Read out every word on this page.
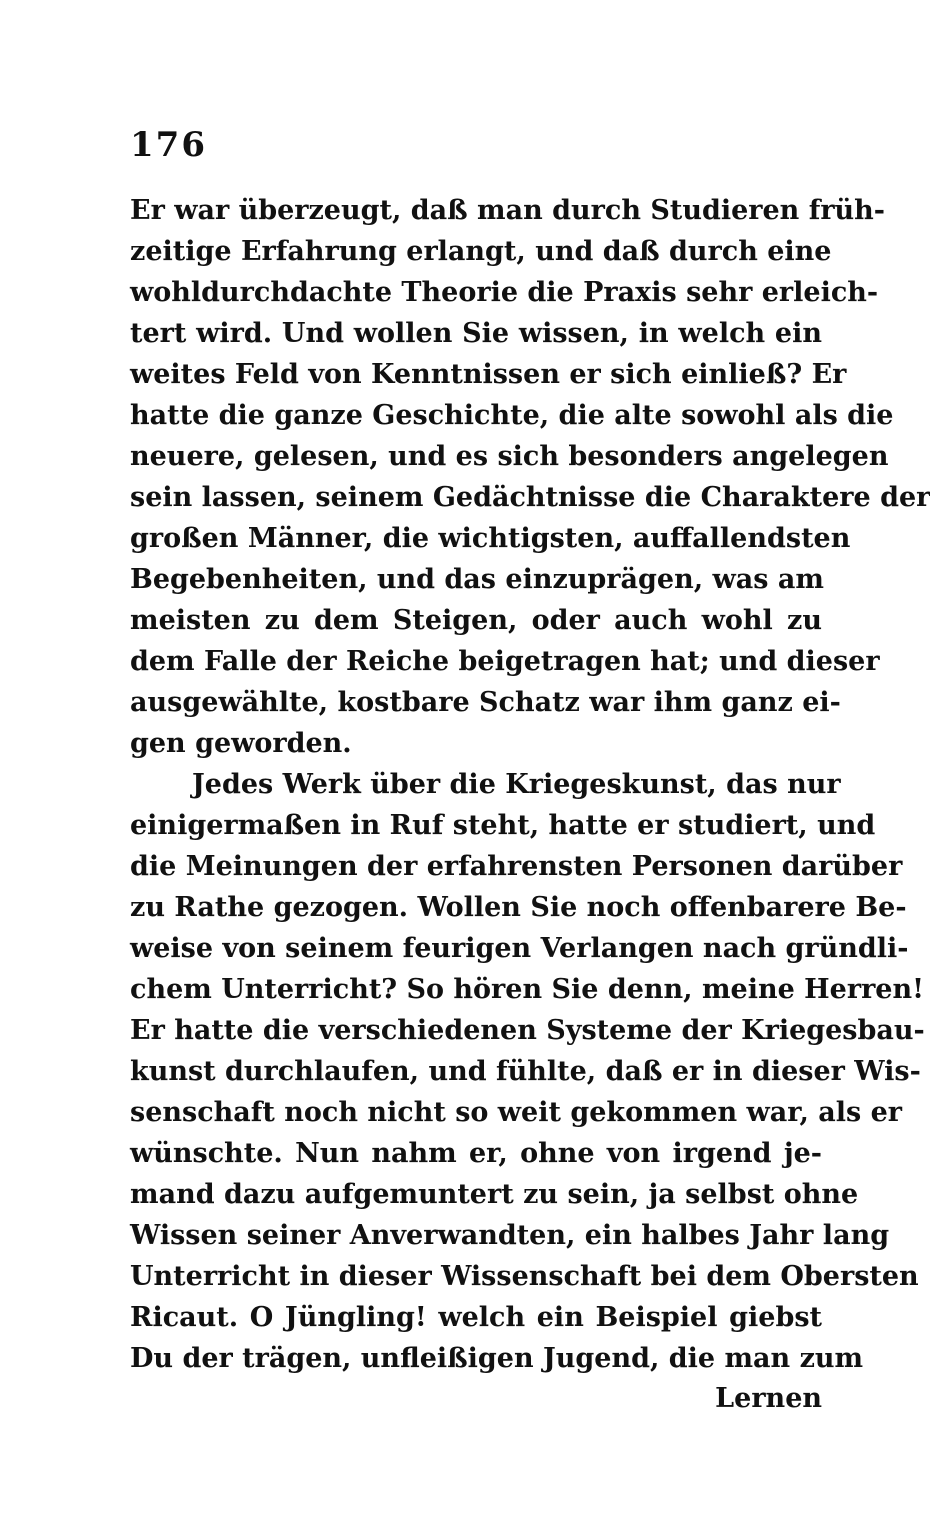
176
Er war überzeugt, daß man durch Studieren früh-
zeitige Erfahrung erlangt, und daß durch eine
wohldurchdachte Theorie die Praxis sehr erleich-
tert wird. Und wollen Sie wissen, in welch ein
weites Feld von Kenntnissen er sich einließ? Er
hatte die ganze Geschichte, die alte sowohl als die
neuere, gelesen, und es sich besonders angelegen
sein lassen, seinem Gedächtnisse die Charaktere der
großen Männer, die wichtigsten, auffallendsten
Begebenheiten, und das einzuprägen, was am
meisten zu dem Steigen, oder auch wohl zu
dem Falle der Reiche beigetragen hat; und dieser
ausgewählte, kostbare Schatz war ihm ganz ei-
gen geworden.
Jedes Werk über die Kriegeskunst, das nur
einigermaßen in Ruf steht, hatte er studiert, und
die Meinungen der erfahrensten Personen darüber
zu Rathe gezogen. Wollen Sie noch offenbarere Be-
weise von seinem feurigen Verlangen nach gründli-
chem Unterricht? So hören Sie denn, meine Herren!
Er hatte die verschiedenen Systeme der Kriegesbau-
kunst durchlaufen, und fühlte, daß er in dieser Wis-
senschaft noch nicht so weit gekommen war, als er
wünschte. Nun nahm er, ohne von irgend je-
mand dazu aufgemuntert zu sein, ja selbst ohne
Wissen seiner Anverwandten, ein halbes Jahr lang
Unterricht in dieser Wissenschaft bei dem Obersten
Ricaut. O Jüngling! welch ein Beispiel giebst
Du der trägen, unfleißigen Jugend, die man zum
Lernen
